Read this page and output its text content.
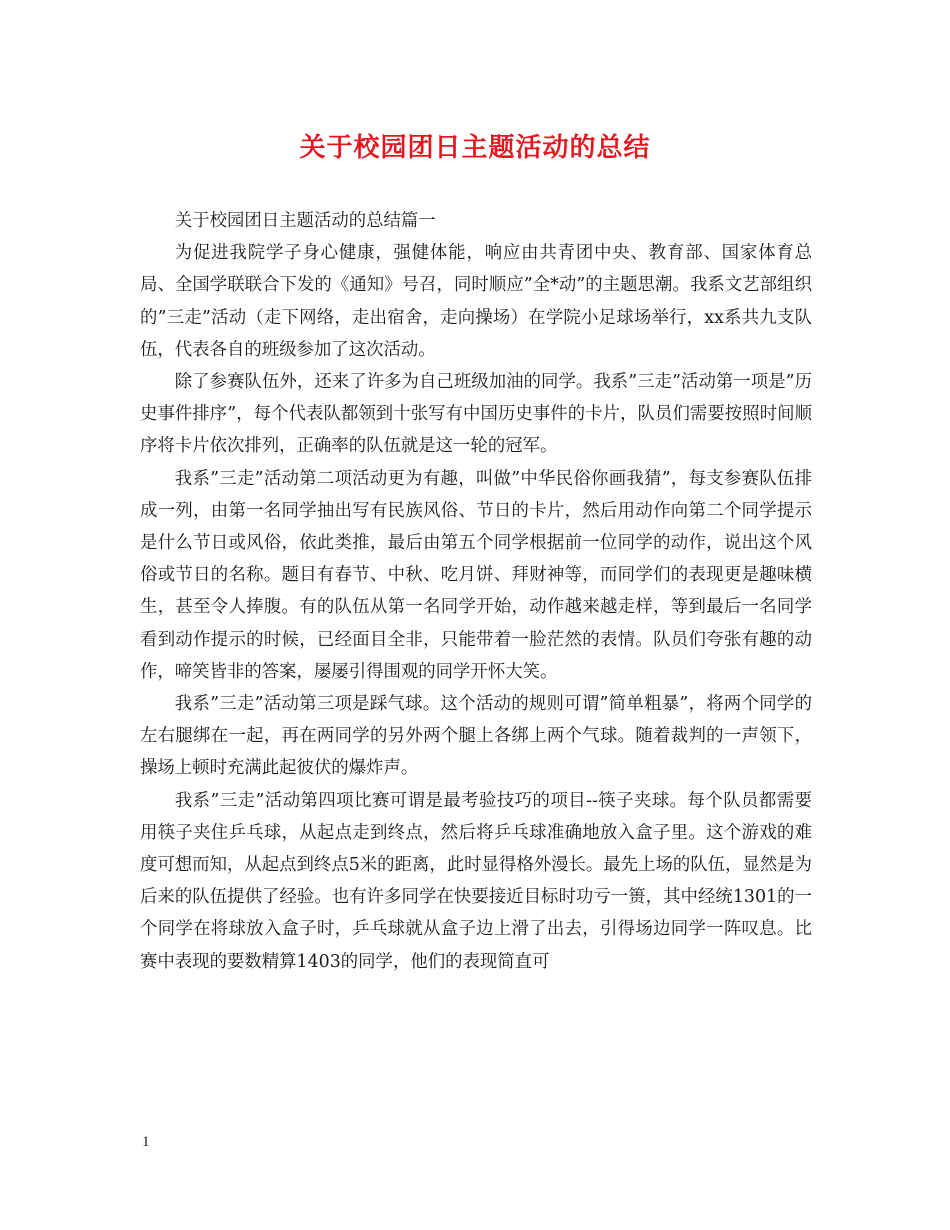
关于校园团日主题活动的总结

关于校园团日主题活动的总结篇一

为促进我院学子身心健康，强健体能，响应由共青团中央、教育部、国家体育总局、全国学联联合下发的《通知》号召，同时顺应”全*动”的主题思潮。我系文艺部组织的”三走”活动（走下网络，走出宿舍，走向操场）在学院小足球场举行，xx系共九支队伍，代表各自的班级参加了这次活动。

除了参赛队伍外，还来了许多为自己班级加油的同学。我系”三走”活动第一项是”历史事件排序”，每个代表队都领到十张写有中国历史事件的卡片，队员们需要按照时间顺序将卡片依次排列，正确率的队伍就是这一轮的冠军。

我系”三走”活动第二项活动更为有趣，叫做”中华民俗你画我猜”，每支参赛队伍排成一列，由第一名同学抽出写有民族风俗、节日的卡片，然后用动作向第二个同学提示是什么节日或风俗，依此类推，最后由第五个同学根据前一位同学的动作，说出这个风俗或节日的名称。题目有春节、中秋、吃月饼、拜财神等，而同学们的表现更是趣味横生，甚至令人捧腹。有的队伍从第一名同学开始，动作越来越走样，等到最后一名同学看到动作提示的时候，已经面目全非，只能带着一脸茫然的表情。队员们夸张有趣的动作，啼笑皆非的答案，屡屡引得围观的同学开怀大笑。

我系”三走”活动第三项是踩气球。这个活动的规则可谓”简单粗暴”，将两个同学的左右腿绑在一起，再在两同学的另外两个腿上各绑上两个气球。随着裁判的一声领下，操场上顿时充满此起彼伏的爆炸声。

我系”三走”活动第四项比赛可谓是最考验技巧的项目--筷子夹球。每个队员都需要用筷子夹住乒乓球，从起点走到终点，然后将乒乓球准确地放入盒子里。这个游戏的难度可想而知，从起点到终点5米的距离，此时显得格外漫长。最先上场的队伍，显然是为后来的队伍提供了经验。也有许多同学在快要接近目标时功亏一篑，其中经统1301的一个同学在将球放入盒子时，乒乓球就从盒子边上滑了出去，引得场边同学一阵叹息。比赛中表现的要数精算1403的同学，他们的表现简直可

1
